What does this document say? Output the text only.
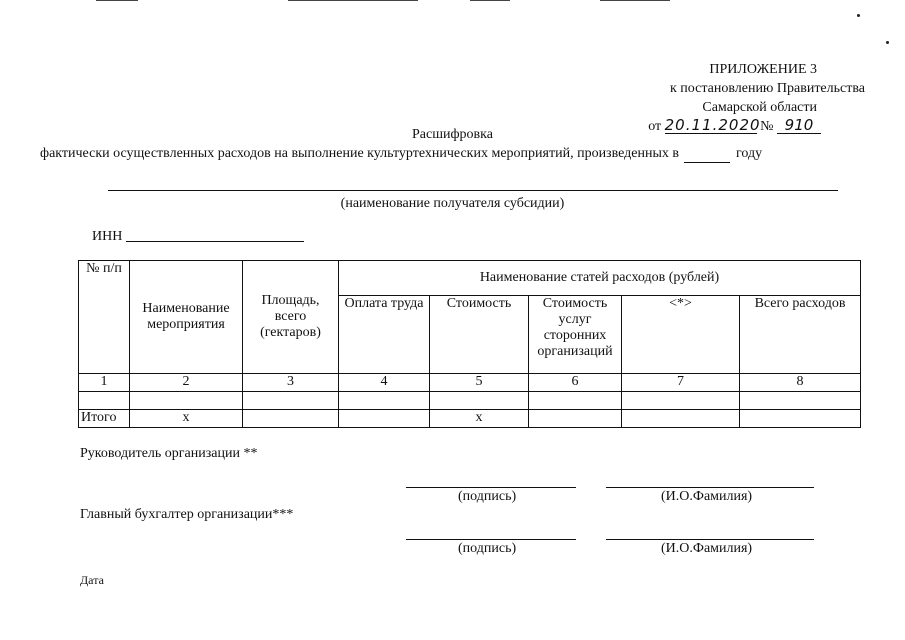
ПРИЛОЖЕНИЕ 3
к постановлению Правительства
Самарской области
от 20.11.2020 № 910
Расшифровка
фактически осуществленных расходов на выполнение культуртехнических мероприятий, произведенных в	году
(наименование получателя субсидии)
ИНН
№ п/п	Наименование мероприятия	Площадь, всего (гектаров)	Наименование статей расходов (рублей)				
			Оплата труда	Стоимость	Стоимость услуг сторонних организаций	<*>	Всего расходов
1	2	3	4	5	6	7	8

Итого	х			х			
Руководитель организации **
(подпись)	(И.О.Фамилия)
Главный бухгалтер организации***
(подпись)	(И.О.Фамилия)
Дата
